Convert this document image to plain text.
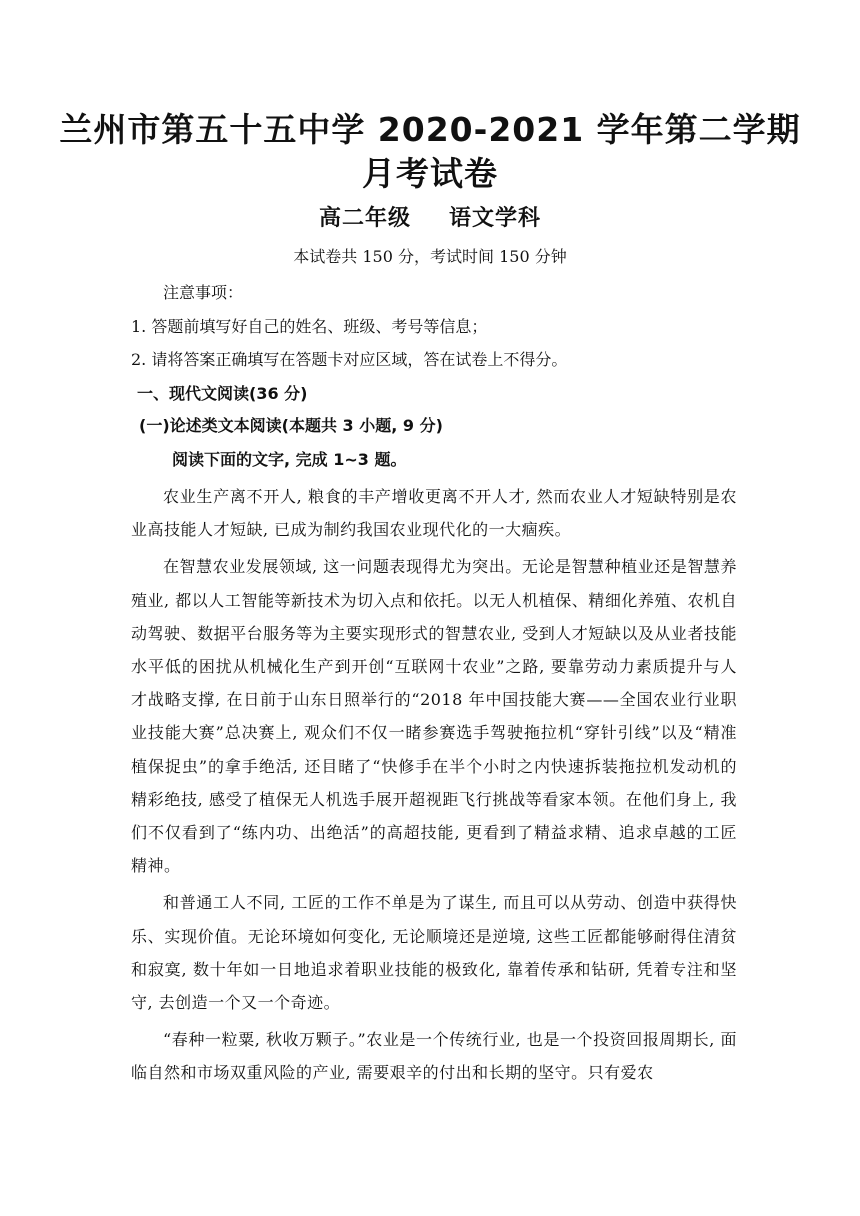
兰州市第五十五中学 2020-2021 学年第二学期
月考试卷
高二年级 语文学科
本试卷共 150 分，考试时间 150 分钟
注意事项：
1. 答题前填写好自己的姓名、班级、考号等信息；
2. 请将答案正确填写在答题卡对应区域，答在试卷上不得分。
一、现代文阅读(36 分)
(一)论述类文本阅读(本题共 3 小题, 9 分)
阅读下面的文字, 完成 1~3 题。

农业生产离不开人, 粮食的丰产增收更离不开人才, 然而农业人才短缺特别是农业高技能人才短缺, 已成为制约我国农业现代化的一大痼疾。

在智慧农业发展领域, 这一问题表现得尤为突出。无论是智慧种植业还是智慧养殖业, 都以人工智能等新技术为切入点和依托。以无人机植保、精细化养殖、农机自动驾驶、数据平台服务等为主要实现形式的智慧农业, 受到人才短缺以及从业者技能水平低的困扰从机械化生产到开创“互联网十农业”之路, 要靠劳动力素质提升与人才战略支撑, 在日前于山东日照举行的“2018 年中国技能大赛——全国农业行业职业技能大赛”总决赛上, 观众们不仅一睹参赛选手驾驶拖拉机“穿针引线”以及“精准植保捉虫”的拿手绝活, 还目睹了“快修手在半个小时之内快速拆装拖拉机发动机的精彩绝技, 感受了植保无人机选手展开超视距飞行挑战等看家本领。在他们身上, 我们不仅看到了“练内功、出绝活”的高超技能, 更看到了精益求精、追求卓越的工匠精神。

和普通工人不同, 工匠的工作不单是为了谋生, 而且可以从劳动、创造中获得快乐、实现价值。无论环境如何变化, 无论顺境还是逆境, 这些工匠都能够耐得住清贫和寂寞, 数十年如一日地追求着职业技能的极致化, 靠着传承和钻研, 凭着专注和坚守, 去创造一个又一个奇迹。

“春种一粒粟, 秋收万颗子。”农业是一个传统行业, 也是一个投资回报周期长, 面临自然和市场双重风险的产业, 需要艰辛的付出和长期的坚守。只有爱农
